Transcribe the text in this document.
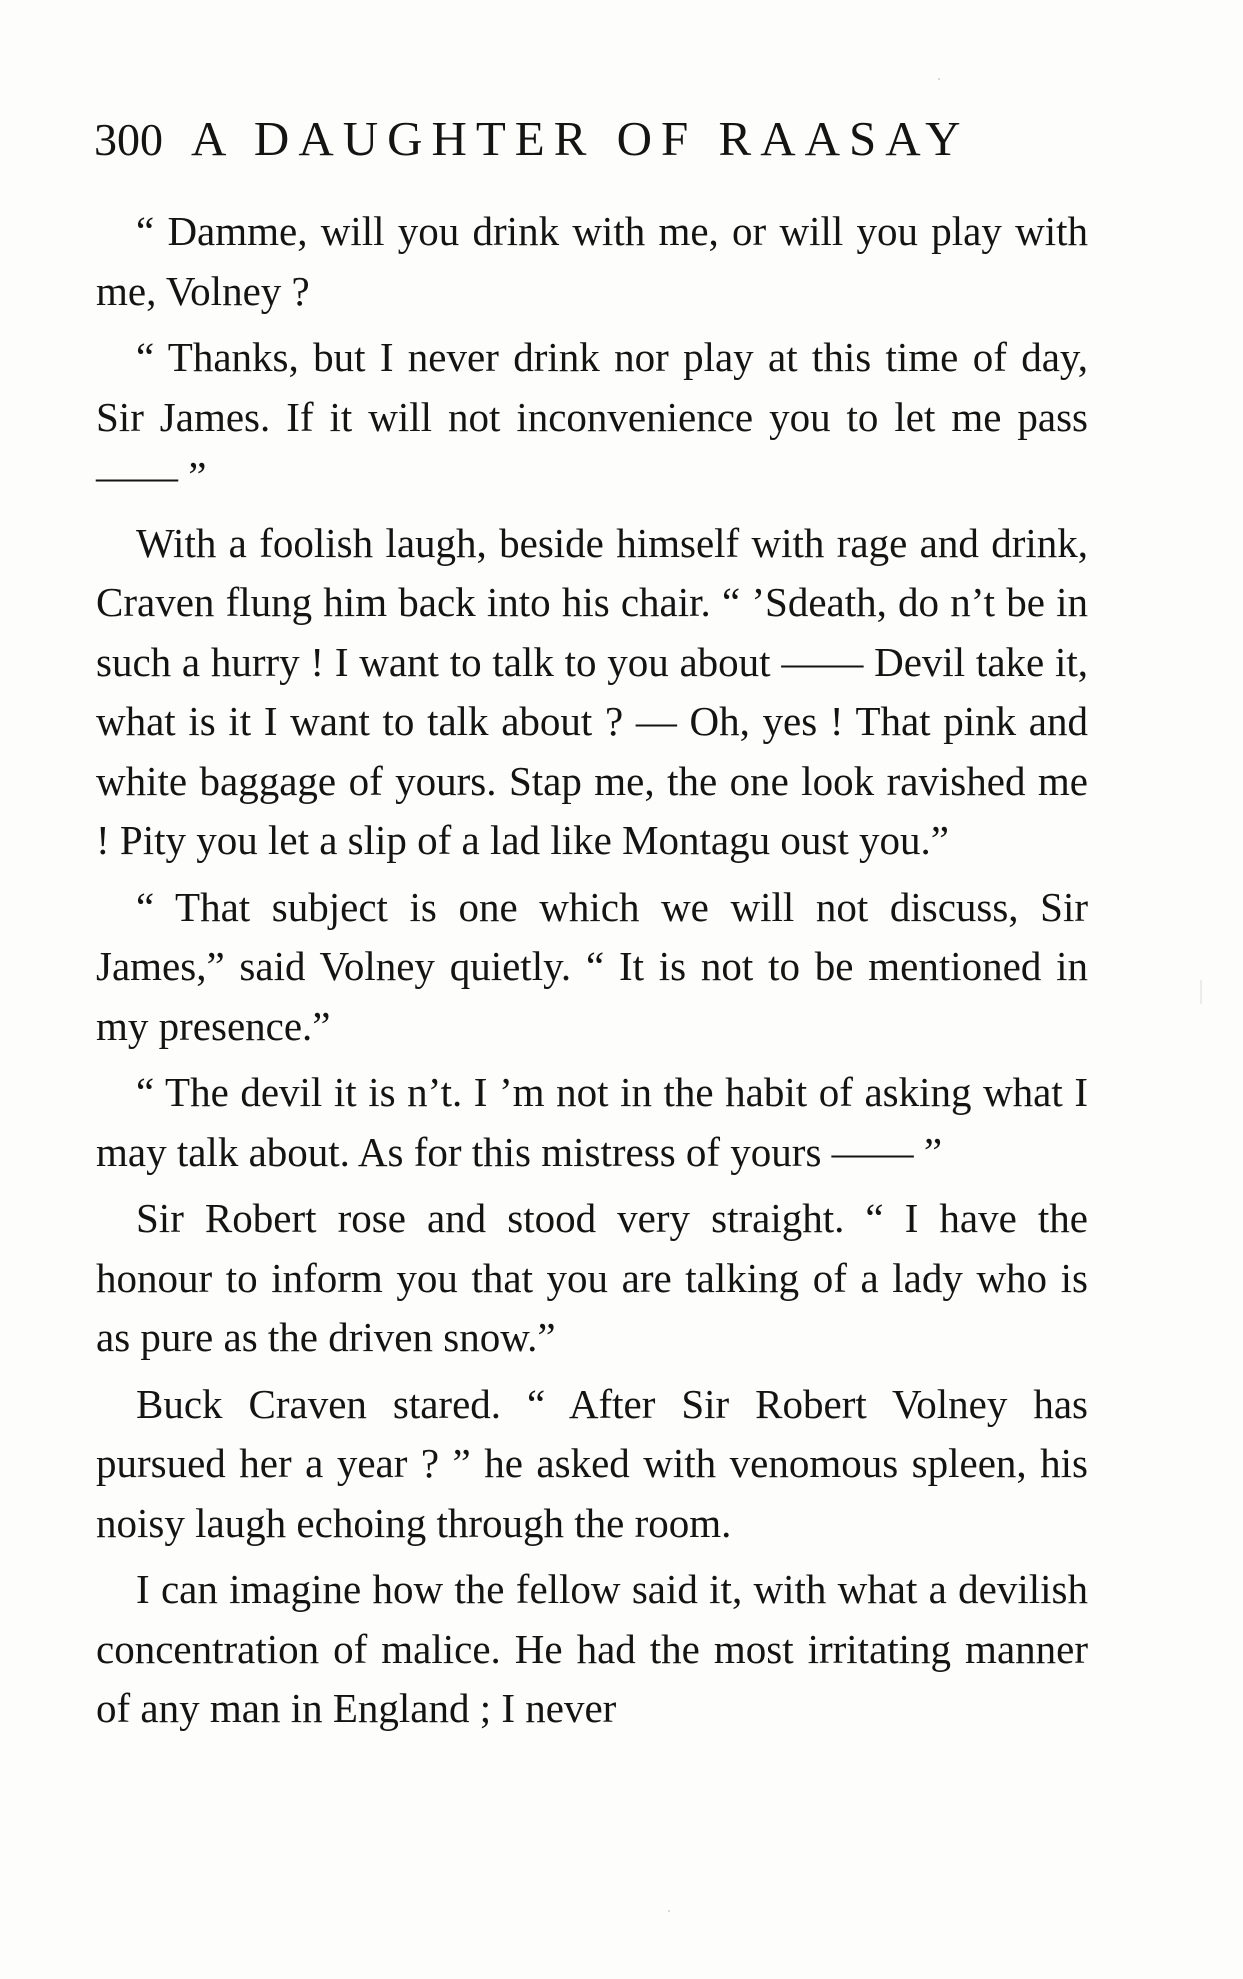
300 A DAUGHTER OF RAASAY

“ Damme, will you drink with me, or will you play with me, Volney ?

“ Thanks, but I never drink nor play at this time of day, Sir James. If it will not inconvenience you to let me pass —— ”

With a foolish laugh, beside himself with rage and drink, Craven flung him back into his chair. “ ’Sdeath, do n’t be in such a hurry ! I want to talk to you about —— Devil take it, what is it I want to talk about ? — Oh, yes ! That pink and white baggage of yours. Stap me, the one look ravished me ! Pity you let a slip of a lad like Montagu oust you.”

“ That subject is one which we will not discuss, Sir James,” said Volney quietly. “ It is not to be mentioned in my presence.”

“ The devil it is n’t. I ’m not in the habit of asking what I may talk about. As for this mistress of yours —— ”

Sir Robert rose and stood very straight. “ I have the honour to inform you that you are talking of a lady who is as pure as the driven snow.”

Buck Craven stared. “ After Sir Robert Volney has pursued her a year ? ” he asked with venomous spleen, his noisy laugh echoing through the room.

I can imagine how the fellow said it, with what a devilish concentration of malice. He had the most irritating manner of any man in England ; I never
